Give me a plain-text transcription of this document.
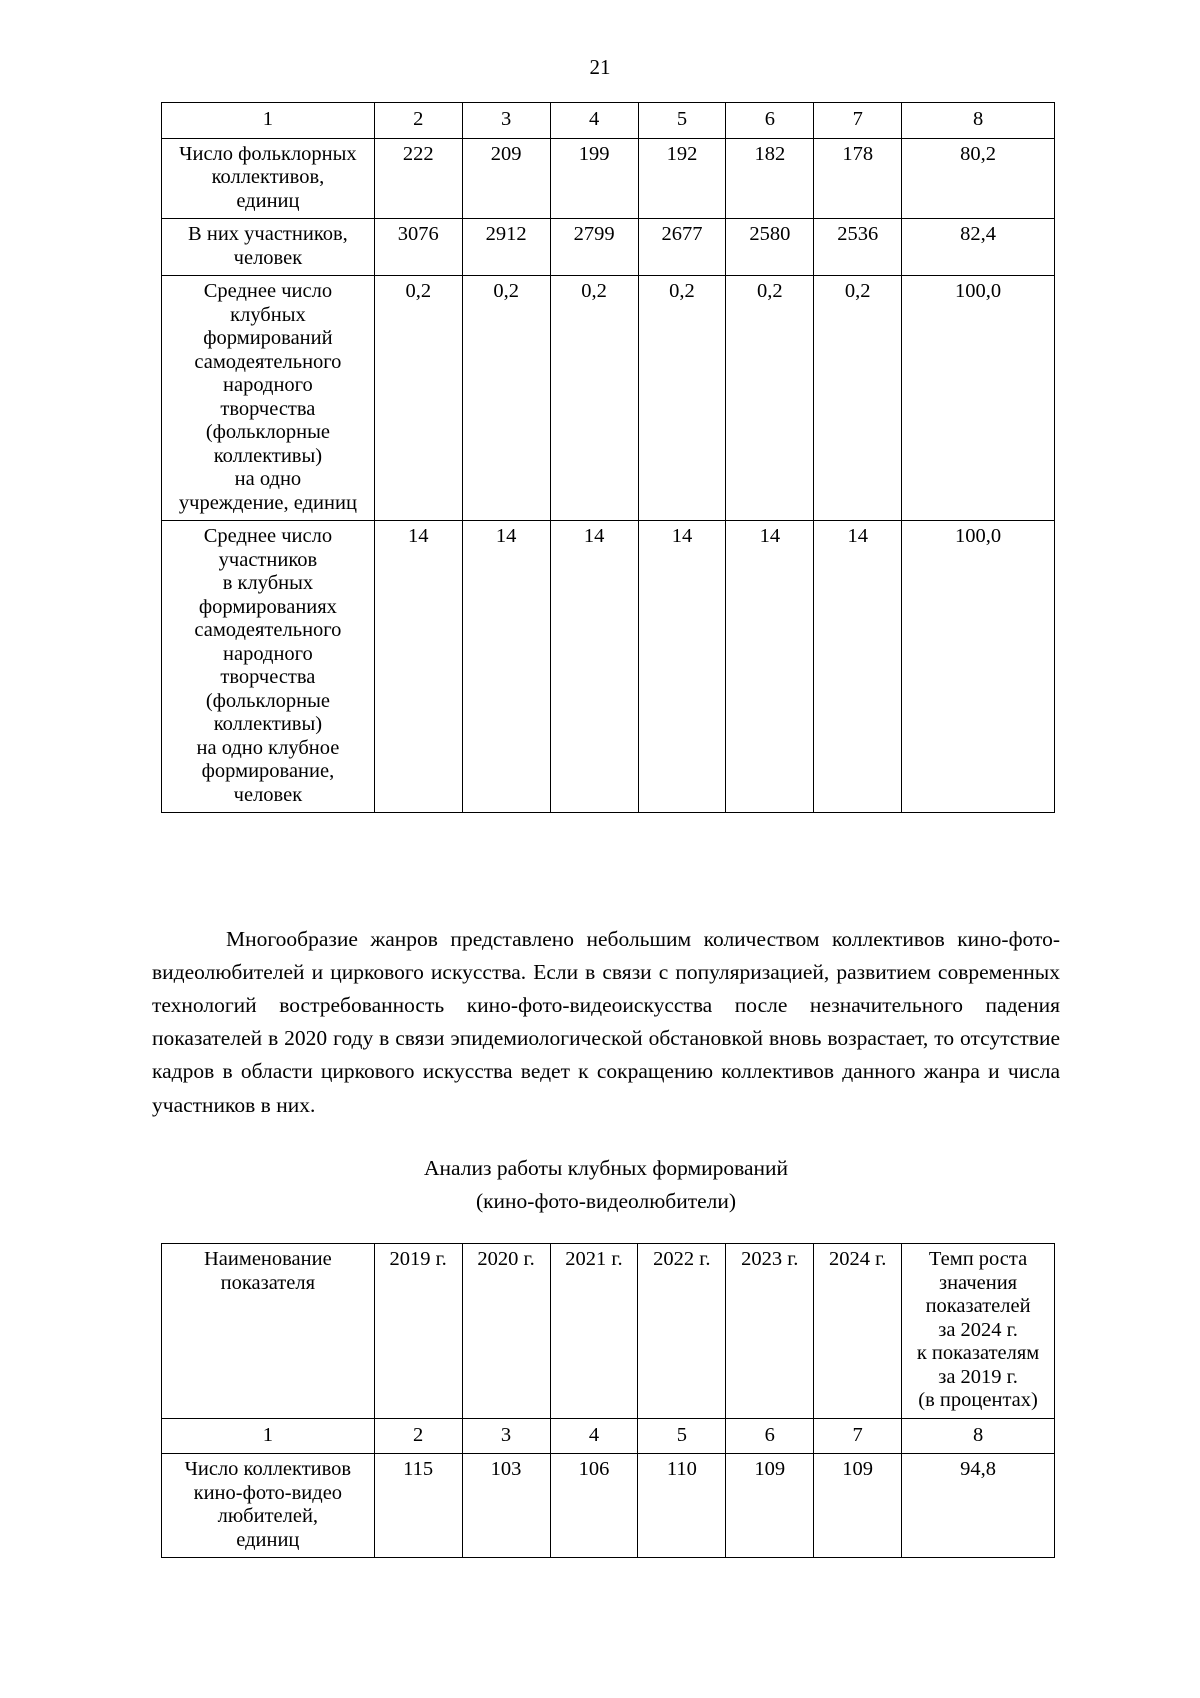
21
1	2	3	4	5	6	7	8
Число фольклорных
коллективов,
единиц	222	209	199	192	182	178	80,2
В них участников,
человек	3076	2912	2799	2677	2580	2536	82,4
Среднее число
клубных
формирований
самодеятельного
народного
творчества
(фольклорные
коллективы)
на одно
учреждение, единиц	0,2	0,2	0,2	0,2	0,2	0,2	100,0
Среднее число
участников
в клубных
формированиях
самодеятельного
народного
творчества
(фольклорные
коллективы)
на одно клубное
формирование,
человек	14	14	14	14	14	14	100,0

Многообразие жанров представлено небольшим количеством коллективов кино-фото-видеолюбителей и циркового искусства. Если в связи с популяризацией, развитием современных технологий востребованность кино-фото-видеоискусства после незначительного падения показателей в 2020 году в связи эпидемиологической обстановкой вновь возрастает, то отсутствие кадров в области циркового искусства ведет к сокращению коллективов данного жанра и числа участников в них.

Анализ работы клубных формирований
(кино-фото-видеолюбители)
Наименование
показателя	2019 г.	2020 г.	2021 г.	2022 г.	2023 г.	2024 г.	Темп роста
значения
показателей
за 2024 г.
к показателям
за 2019 г.
(в процентах)
1	2	3	4	5	6	7	8
Число коллективов
кино-фото-видео
любителей,
единиц	115	103	106	110	109	109	94,8
